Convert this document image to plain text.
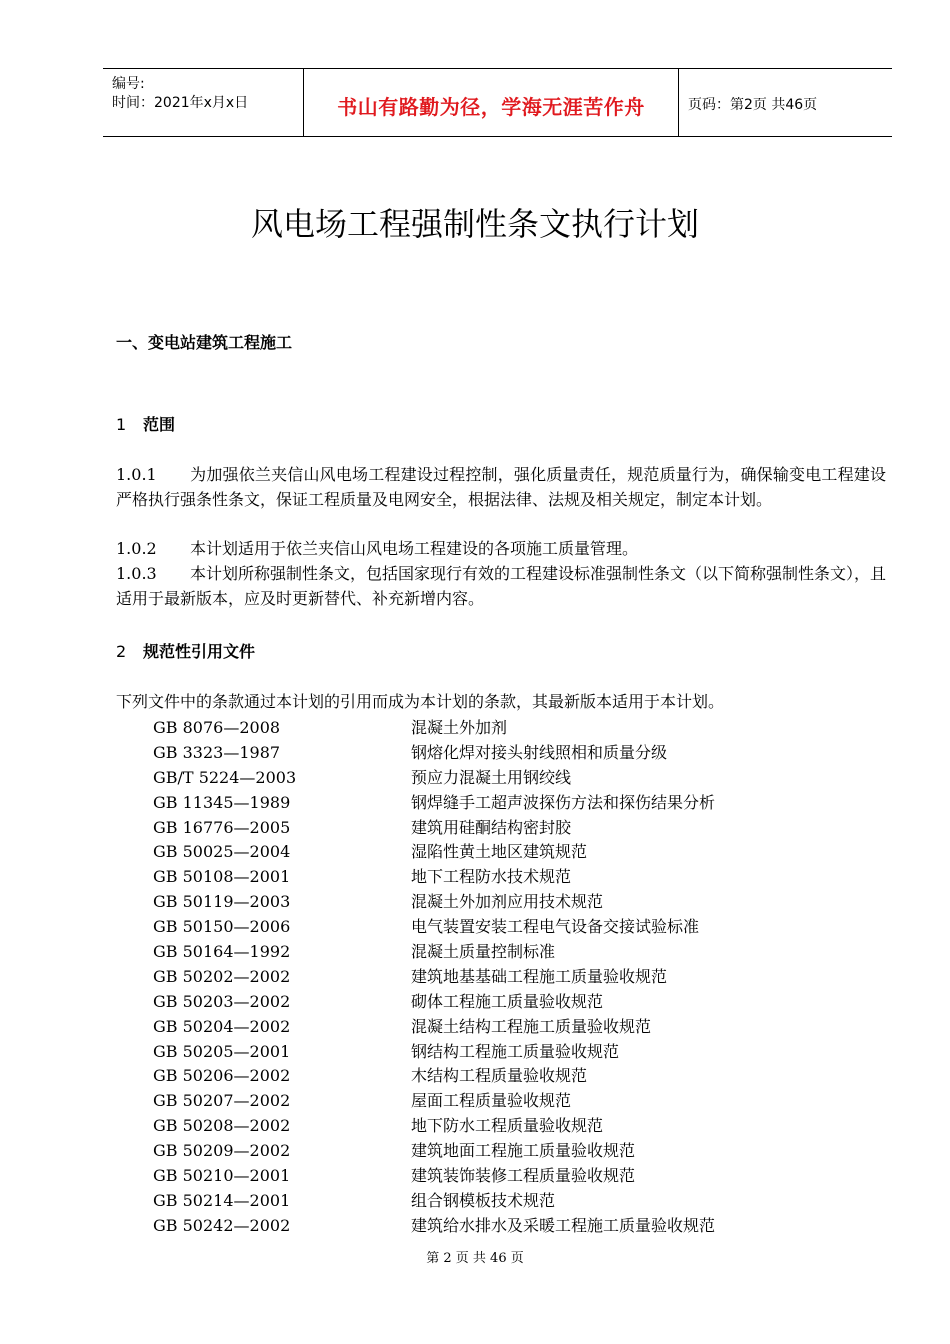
编号:
时间：2021年x月x日	书山有路勤为径，学海无涯苦作舟	页码：第2页 共46页
风电场工程强制性条文执行计划
一、变电站建筑工程施工
1 范围
1.0.1 为加强依兰夹信山风电场工程建设过程控制，强化质量责任，规范质量行为，确保输变电工程建设严格执行强条性条文，保证工程质量及电网安全，根据法律、法规及相关规定，制定本计划。
1.0.2 本计划适用于依兰夹信山风电场工程建设的各项施工质量管理。
1.0.3 本计划所称强制性条文，包括国家现行有效的工程建设标准强制性条文（以下简称强制性条文），且适用于最新版本，应及时更新替代、补充新增内容。
2 规范性引用文件
下列文件中的条款通过本计划的引用而成为本计划的条款，其最新版本适用于本计划。
GB 8076—2008	混凝土外加剂
GB 3323—1987	钢熔化焊对接头射线照相和质量分级
GB/T 5224—2003	预应力混凝土用钢绞线
GB 11345—1989	钢焊缝手工超声波探伤方法和探伤结果分析
GB 16776—2005	建筑用硅酮结构密封胶
GB 50025—2004	湿陷性黄土地区建筑规范
GB 50108—2001	地下工程防水技术规范
GB 50119—2003	混凝土外加剂应用技术规范
GB 50150—2006	电气装置安装工程电气设备交接试验标准
GB 50164—1992	混凝土质量控制标准
GB 50202—2002	建筑地基基础工程施工质量验收规范
GB 50203—2002	砌体工程施工质量验收规范
GB 50204—2002	混凝土结构工程施工质量验收规范
GB 50205—2001	钢结构工程施工质量验收规范
GB 50206—2002	木结构工程质量验收规范
GB 50207—2002	屋面工程质量验收规范
GB 50208—2002	地下防水工程质量验收规范
GB 50209—2002	建筑地面工程施工质量验收规范
GB 50210—2001	建筑装饰装修工程质量验收规范
GB 50214—2001	组合钢模板技术规范
GB 50242—2002	建筑给水排水及采暖工程施工质量验收规范
第 2 页 共 46 页
